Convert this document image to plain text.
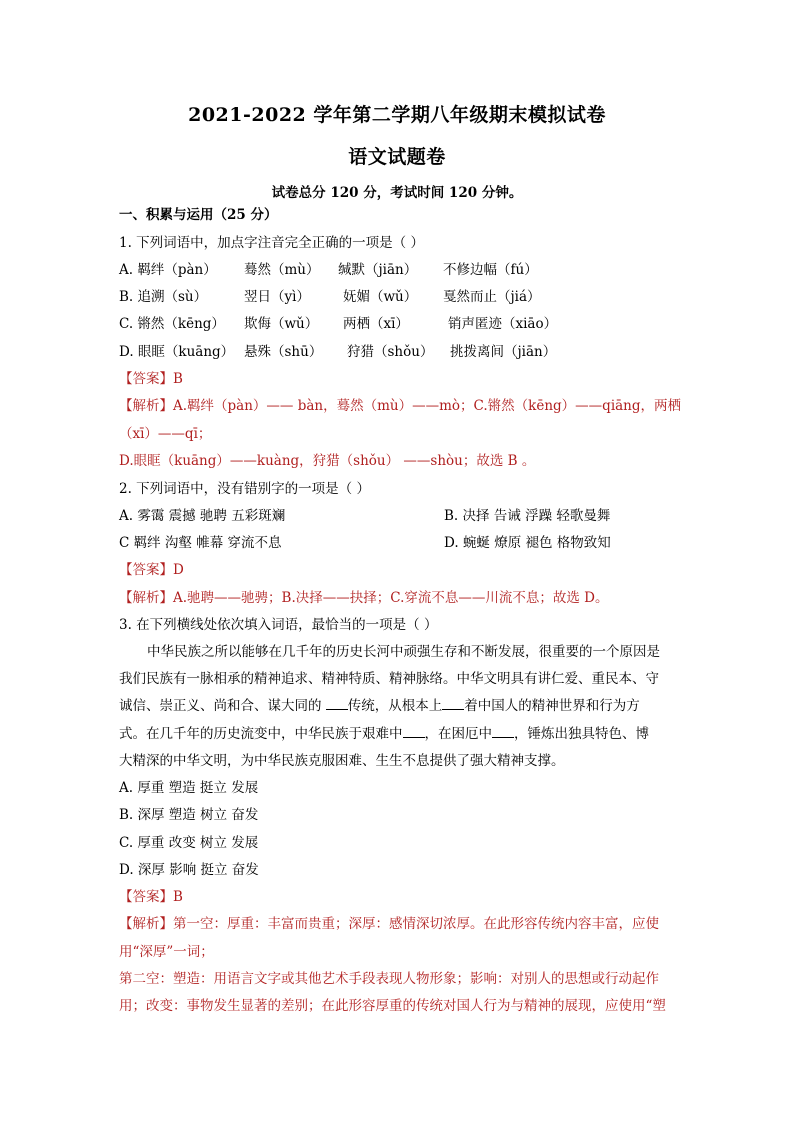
2021-2022 学年第二学期八年级期末模拟试卷
语文试题卷
试卷总分 120 分，考试时间 120 分钟。
一、积累与运用（25 分）
1. 下列词语中，加点字注音完全正确的一项是（ ）
A. 羁绊（pàn） 蓦然（mù） 缄默（jiān） 不修边幅（fú）
B. 追溯（sù）	翌日（yì） 妩媚（wǔ） 戛然而止（jiá）
C. 锵然（kēng） 欺侮（wǔ） 两栖（xī）	销声匿迹（xiāo）
D. 眼眶（kuāng） 悬殊（shū） 狩猎（shǒu） 挑拨离间（jiān）
【答案】B
【解析】A.羁绊（pàn）—— bàn，蓦然（mù）——mò；C.锵然（kēng）——qiāng，两栖
（xī）——qī；
D.眼眶（kuāng）——kuàng，狩猎（shǒu） ——shòu；故选 B 。
2. 下列词语中，没有错别字的一项是（ ）
A. 雾霭 震撼 驰聘 五彩斑斓	B. 决择 告诫 浮躁 轻歌曼舞
C 羁绊 沟壑 帷幕 穿流不息	D. 蜿蜒 燎原 褪色 格物致知
【答案】D
【解析】A.驰聘——驰骋；B.决择——抉择；C.穿流不息——川流不息；故选 D。
3. 在下列横线处依次填入词语，最恰当的一项是（ ）
中华民族之所以能够在几千年的历史长河中顽强生存和不断发展，很重要的一个原因是
我们民族有一脉相承的精神追求、精神特质、精神脉络。中华文明具有讲仁爱、重民本、守
诚信、崇正义、尚和合、谋大同的 传统，从根本上 着中国人的精神世界和行为方
式。在几千年的历史流变中，中华民族于艰难中 ，在困厄中 ，锤炼出独具特色、博
大精深的中华文明，为中华民族克服困难、生生不息提供了强大精神支撑。
A. 厚重 塑造 挺立 发展
B. 深厚 塑造 树立 奋发
C. 厚重 改变 树立 发展
D. 深厚 影响 挺立 奋发
【答案】B
【解析】第一空：厚重：丰富而贵重；深厚：感情深切浓厚。在此形容传统内容丰富，应使
用“深厚”一词；
第二空：塑造：用语言文字或其他艺术手段表现人物形象；影响：对别人的思想或行动起作
用；改变：事物发生显著的差别；在此形容厚重的传统对国人行为与精神的展现，应使用“塑
